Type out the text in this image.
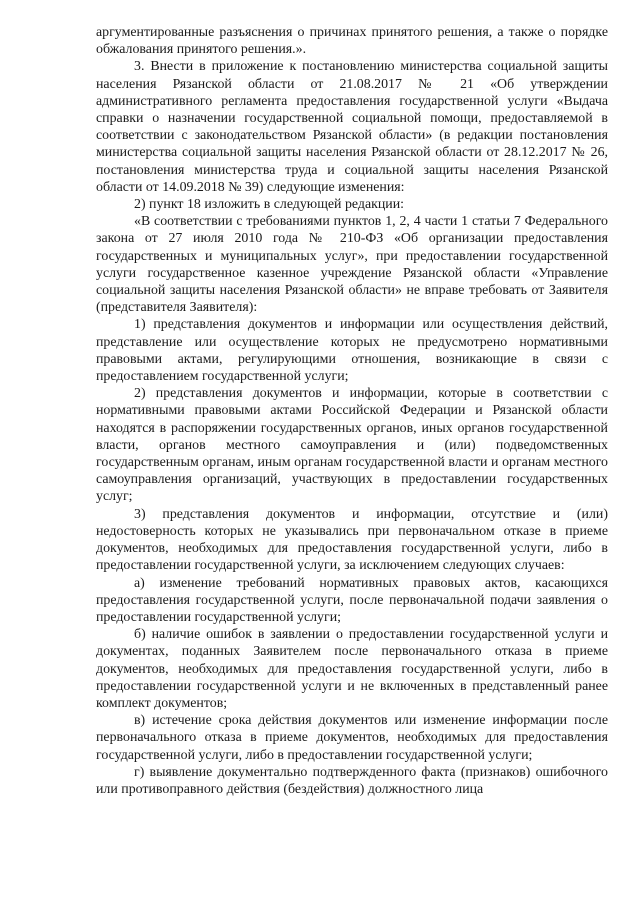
аргументированные разъяснения о причинах принятого решения, а также о порядке обжалования принятого решения.».

3. Внести в приложение к постановлению министерства социальной защиты населения Рязанской области от 21.08.2017 № 21 «Об утверждении административного регламента предоставления государственной услуги «Выдача справки о назначении государственной социальной помощи, предоставляемой в соответствии с законодательством Рязанской области» (в редакции постановления министерства социальной защиты населения Рязанской области от 28.12.2017 № 26, постановления министерства труда и социальной защиты населения Рязанской области от 14.09.2018 № 39) следующие изменения:

2) пункт 18 изложить в следующей редакции:

«В соответствии с требованиями пунктов 1, 2, 4 части 1 статьи 7 Федерального закона от 27 июля 2010 года № 210-ФЗ «Об организации предоставления государственных и муниципальных услуг», при предоставлении государственной услуги государственное казенное учреждение Рязанской области «Управление социальной защиты населения Рязанской области» не вправе требовать от Заявителя (представителя Заявителя):

1) представления документов и информации или осуществления действий, представление или осуществление которых не предусмотрено нормативными правовыми актами, регулирующими отношения, возникающие в связи с предоставлением государственной услуги;

2) представления документов и информации, которые в соответствии с нормативными правовыми актами Российской Федерации и Рязанской области находятся в распоряжении государственных органов, иных органов государственной власти, органов местного самоуправления и (или) подведомственных государственным органам, иным органам государственной власти и органам местного самоуправления организаций, участвующих в предоставлении государственных услуг;

3) представления документов и информации, отсутствие и (или) недостоверность которых не указывались при первоначальном отказе в приеме документов, необходимых для предоставления государственной услуги, либо в предоставлении государственной услуги, за исключением следующих случаев:

а) изменение требований нормативных правовых актов, касающихся предоставления государственной услуги, после первоначальной подачи заявления о предоставлении государственной услуги;

б) наличие ошибок в заявлении о предоставлении государственной услуги и документах, поданных Заявителем после первоначального отказа в приеме документов, необходимых для предоставления государственной услуги, либо в предоставлении государственной услуги и не включенных в представленный ранее комплект документов;

в) истечение срока действия документов или изменение информации после первоначального отказа в приеме документов, необходимых для предоставления государственной услуги, либо в предоставлении государственной услуги;

г) выявление документально подтвержденного факта (признаков) ошибочного или противоправного действия (бездействия) должностного лица
